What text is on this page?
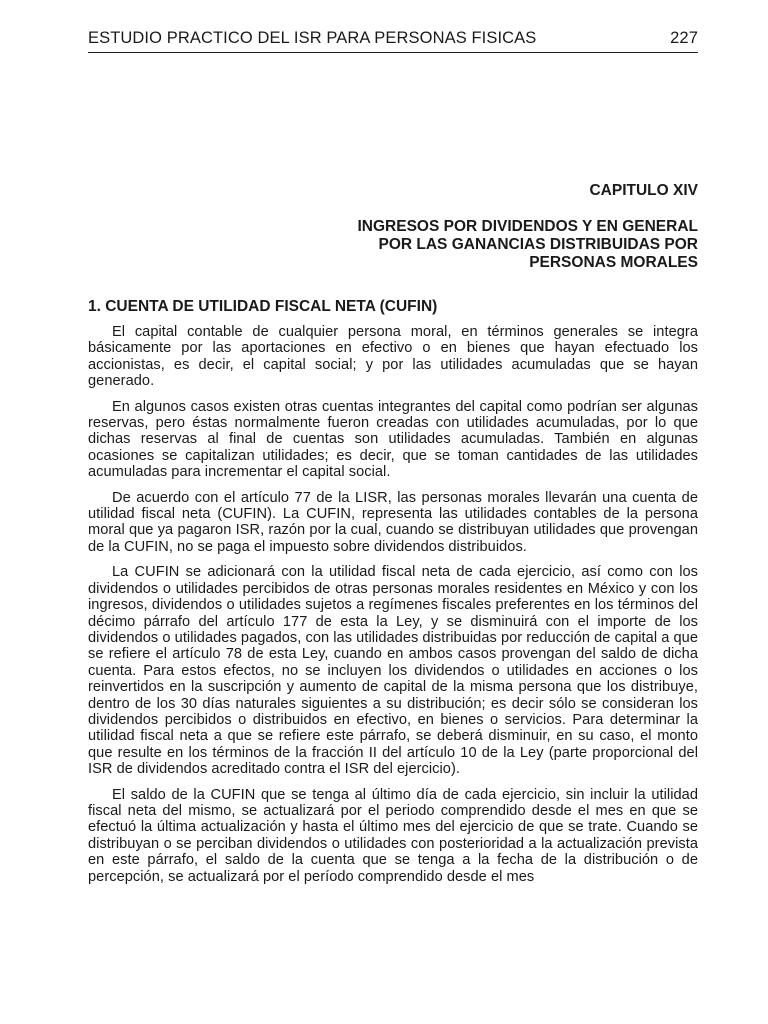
ESTUDIO PRACTICO DEL ISR PARA PERSONAS FISICAS	227
CAPITULO XIV
INGRESOS POR DIVIDENDOS Y EN GENERAL
POR LAS GANANCIAS DISTRIBUIDAS POR
PERSONAS MORALES
1. CUENTA DE UTILIDAD FISCAL NETA (CUFIN)

El capital contable de cualquier persona moral, en términos generales se integra básicamente por las aportaciones en efectivo o en bienes que hayan efectuado los accionistas, es decir, el capital social; y por las utilidades acumuladas que se hayan generado.

En algunos casos existen otras cuentas integrantes del capital como podrían ser algunas reservas, pero éstas normalmente fueron creadas con utilidades acumuladas, por lo que dichas reservas al final de cuentas son utilidades acumuladas. También en algunas ocasiones se capitalizan utilidades; es decir, que se toman cantidades de las utilidades acumuladas para incrementar el capital social.

De acuerdo con el artículo 77 de la LISR, las personas morales llevarán una cuenta de utilidad fiscal neta (CUFIN). La CUFIN, representa las utilidades contables de la persona moral que ya pagaron ISR, razón por la cual, cuando se distribuyan utilidades que provengan de la CUFIN, no se paga el impuesto sobre dividendos distribuidos.

La CUFIN se adicionará con la utilidad fiscal neta de cada ejercicio, así como con los dividendos o utilidades percibidos de otras personas morales residentes en México y con los ingresos, dividendos o utilidades sujetos a regímenes fiscales preferentes en los términos del décimo párrafo del artículo 177 de esta la Ley, y se disminuirá con el importe de los dividendos o utilidades pagados, con las utilidades distribuidas por reducción de capital a que se refiere el artículo 78 de esta Ley, cuando en ambos casos provengan del saldo de dicha cuenta. Para estos efectos, no se incluyen los dividendos o utilidades en acciones o los reinvertidos en la suscripción y aumento de capital de la misma persona que los distribuye, dentro de los 30 días naturales siguientes a su distribución; es decir sólo se consideran los dividendos percibidos o distribuidos en efectivo, en bienes o servicios. Para determinar la utilidad fiscal neta a que se refiere este párrafo, se deberá disminuir, en su caso, el monto que resulte en los términos de la fracción II del artículo 10 de la Ley (parte proporcional del ISR de dividendos acreditado contra el ISR del ejercicio).

El saldo de la CUFIN que se tenga al último día de cada ejercicio, sin incluir la utilidad fiscal neta del mismo, se actualizará por el periodo comprendido desde el mes en que se efectuó la última actualización y hasta el último mes del ejercicio de que se trate. Cuando se distribuyan o se perciban dividendos o utilidades con posterioridad a la actualización prevista en este párrafo, el saldo de la cuenta que se tenga a la fecha de la distribución o de percepción, se actualizará por el período comprendido desde el mes
